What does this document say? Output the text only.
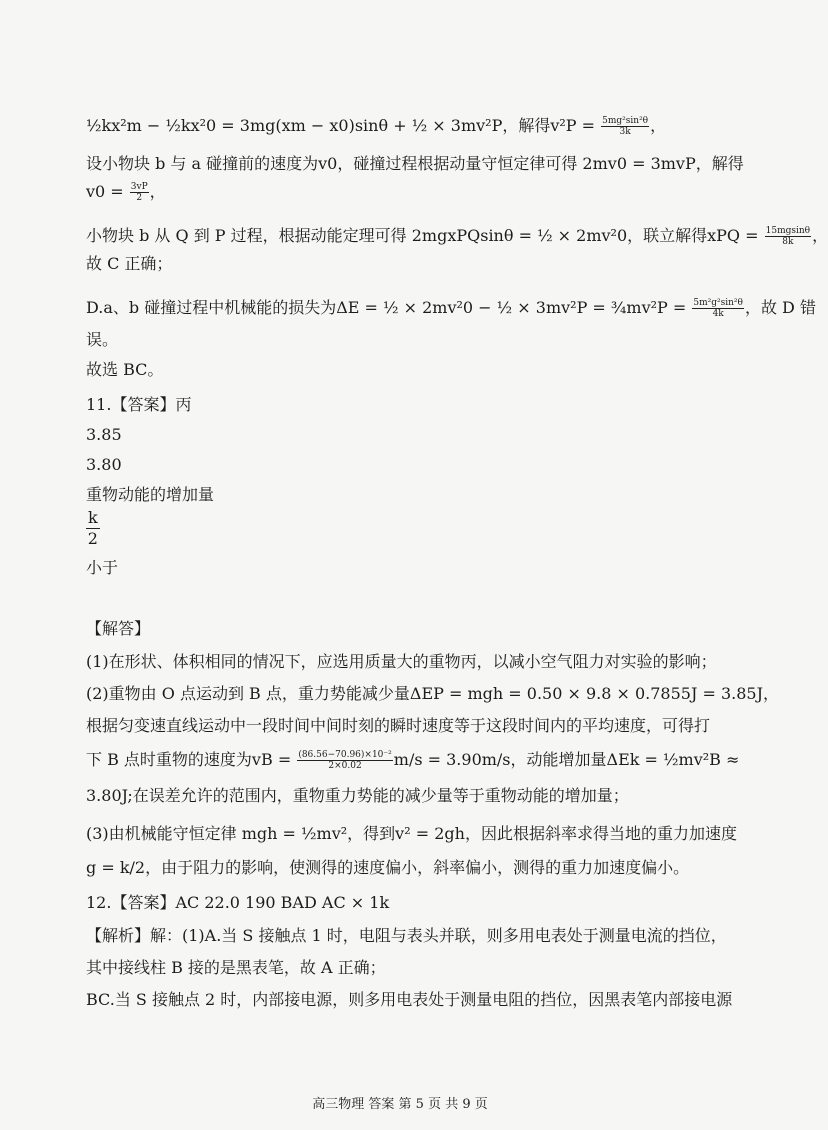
½kx²m − ½kx²0 = 3mg(xm − x0)sinθ + ½ × 3mv²P，解得$v^2P = \frac{\text{5mg²sin²θ}}{3k}$ ，
设小物块 b 与 a 碰撞前的速度为v0，碰撞过程根据动量守恒定律可得 2mv0 = 3mvP，解得
$v0 = \frac{3vP}{2}$ ，
小物块 b 从 Q 到 P 过程，根据动能定理可得 2mgxPQsinθ = ½ × 2mv²0，联立解得xPQ = $\frac{15mgsin\theta}{8k}$ ，
故 C 正确；
D.a、b 碰撞过程中机械能的损失为ΔE = ½ × 2mv²0 − ½ × 3mv²P = ¾mv²P = $\frac{\text{5m²g²sin²θ}}{4k}$ ，故 D 错
误。
故选 BC。
11.【答案】丙
3.85
3.80
重物动能的增加量
$\frac{k}{2}$
小于
【解答】
(1)在形状、体积相同的情况下，应选用质量大的重物丙，以减小空气阻力对实验的影响；
(2)重物由 O 点运动到 B 点，重力势能减少量ΔEP = mgh = 0.50 × 9.8 × 0.7855J = 3.85J，
根据匀变速直线运动中一段时间中间时刻的瞬时速度等于这段时间内的平均速度，可得打
下 B 点时重物的速度为vB = $\frac{\text{(86.56−70.96)×10⁻²}}{2\times 0.02} m/s = 3.90m/s$，动能增加量ΔEk = ½mv²B ≈
3.80J;在误差允许的范围内，重物重力势能的减少量等于重物动能的增加量；
(3)由机械能守恒定律 mgh = ½mv²，得到v² = 2gh，因此根据斜率求得当地的重力加速度
g = k/2，由于阻力的影响，使测得的速度偏小，斜率偏小，测得的重力加速度偏小。
12.【答案】AC 22.0 190 BAD AC × 1k
【解析】解：(1)A.当 S 接触点 1 时，电阻与表头并联，则多用电表处于测量电流的挡位，
其中接线柱 B 接的是黑表笔，故 A 正确；
BC.当 S 接触点 2 时，内部接电源，则多用电表处于测量电阻的挡位，因黑表笔内部接电源
高三物理 答案 第 5 页 共 9 页
